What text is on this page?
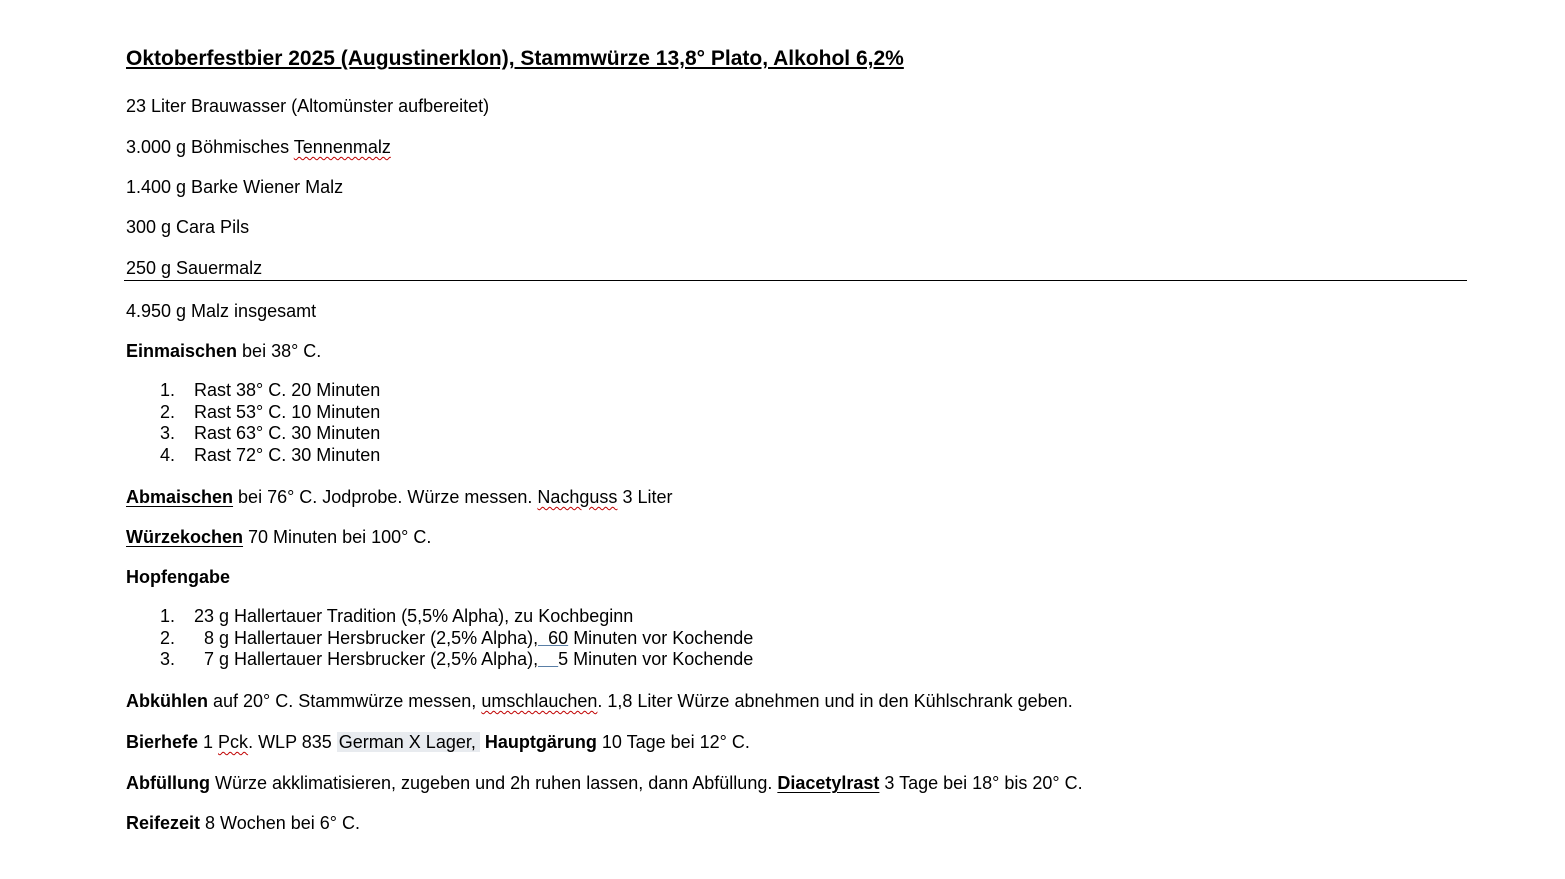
Oktoberfestbier 2025 (Augustinerklon), Stammwürze 13,8° Plato, Alkohol 6,2%
23 Liter Brauwasser (Altomünster aufbereitet)
3.000 g Böhmisches Tennenmalz
1.400 g Barke Wiener Malz
300 g Cara Pils
250 g Sauermalz
4.950 g Malz insgesamt
Einmaischen bei 38° C.
1. Rast 38° C. 20 Minuten
2. Rast 53° C. 10 Minuten
3. Rast 63° C. 30 Minuten
4. Rast 72° C. 30 Minuten
Abmaischen bei 76° C. Jodprobe. Würze messen. Nachguss 3 Liter
Würzekochen 70 Minuten bei 100° C.
Hopfengabe
1. 23 g Hallertauer Tradition (5,5% Alpha), zu Kochbeginn
2. 8 g Hallertauer Hersbrucker (2,5% Alpha),  60 Minuten vor Kochende
3. 7 g Hallertauer Hersbrucker (2,5% Alpha),    5 Minuten vor Kochende
Abkühlen auf 20° C. Stammwürze messen, umschlauchen. 1,8 Liter Würze abnehmen und in den Kühlschrank geben.
Bierhefe 1 Pck. WLP 835 German X Lager, Hauptgärung 10 Tage bei 12° C.
Abfüllung Würze akklimatisieren, zugeben und 2h ruhen lassen, dann Abfüllung. Diacetylrast 3 Tage bei 18° bis 20° C.
Reifezeit 8 Wochen bei 6° C.
